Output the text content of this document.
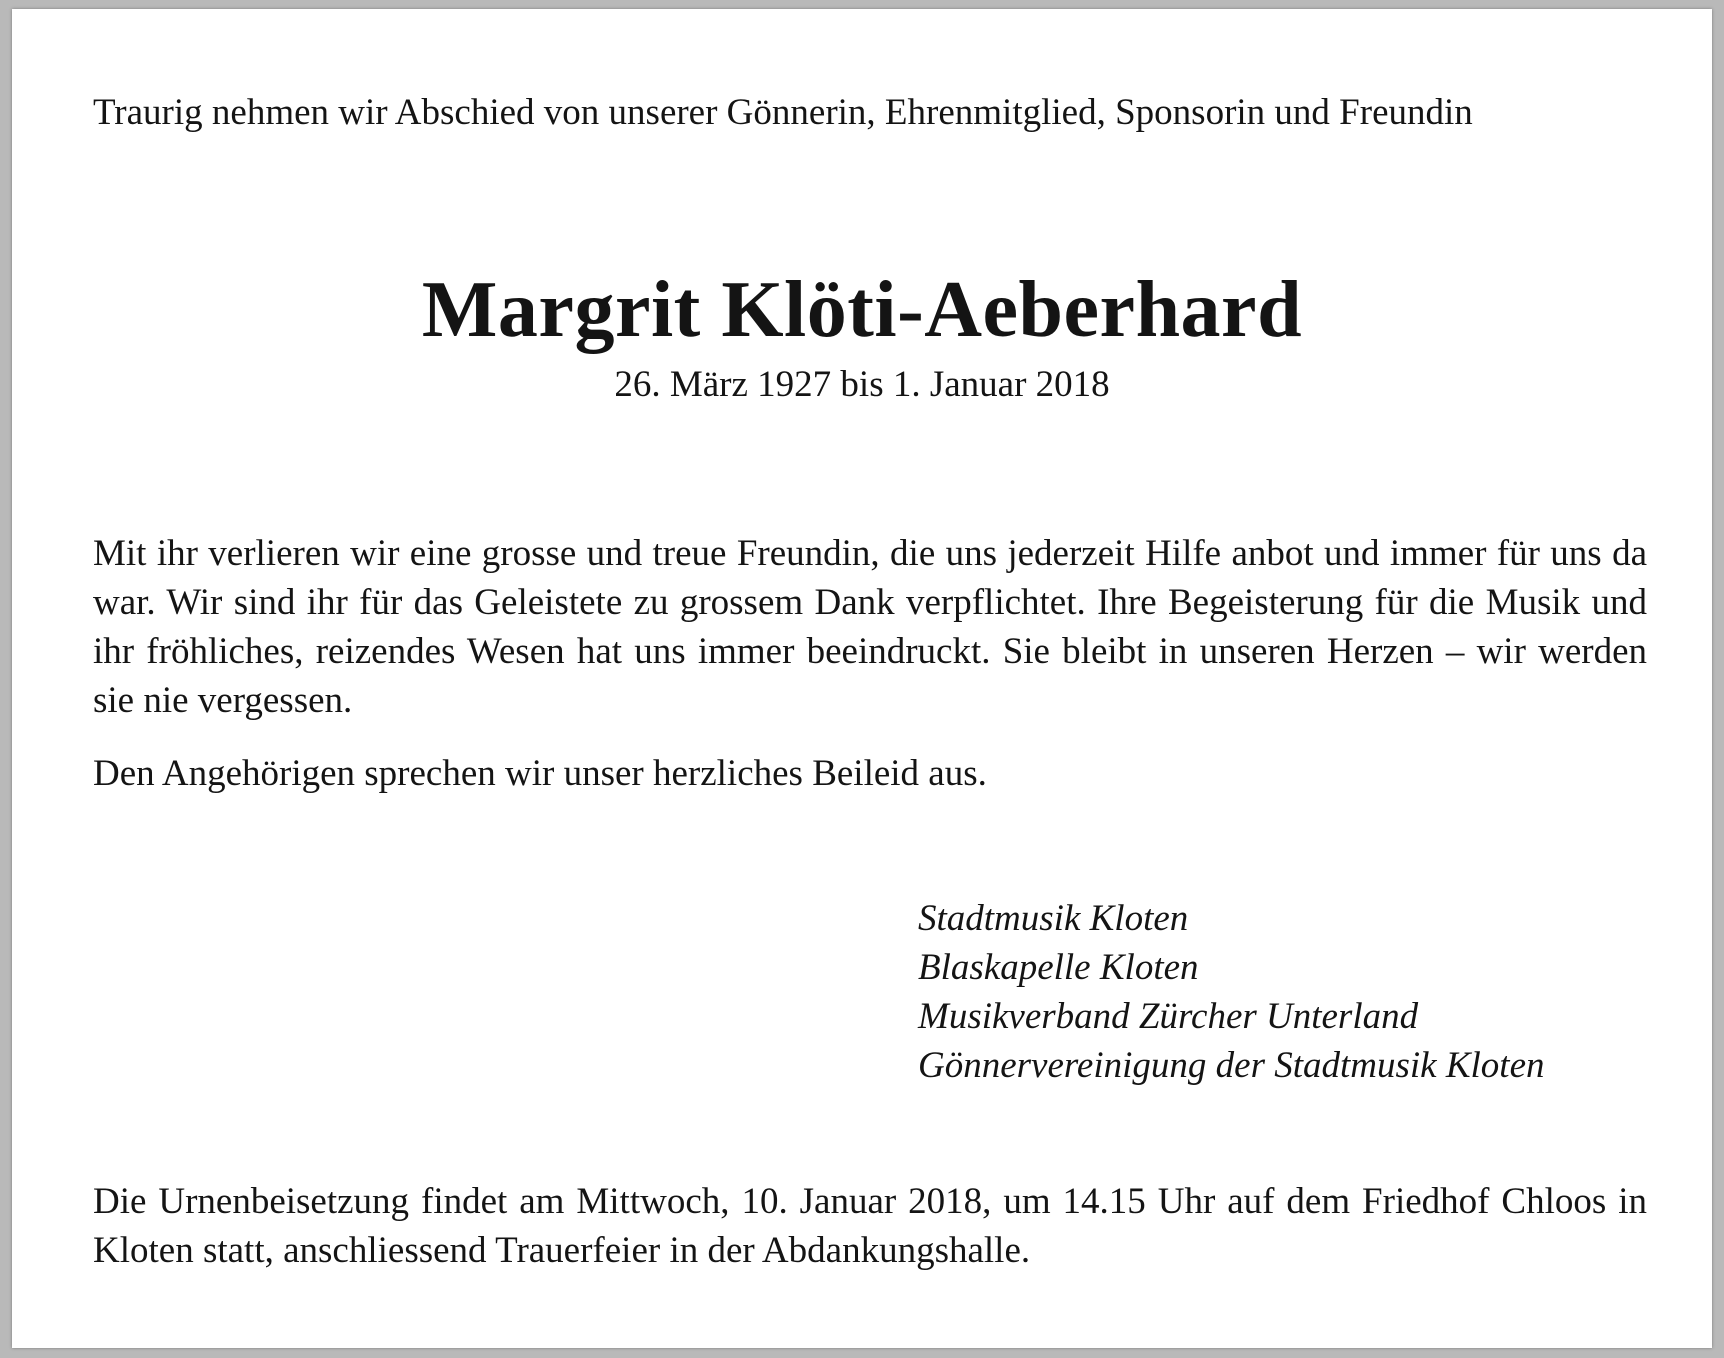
Traurig nehmen wir Abschied von unserer Gönnerin, Ehrenmitglied, Sponsorin und Freundin
Margrit Klöti-Aeberhard
26. März 1927 bis 1. Januar 2018

Mit ihr verlieren wir eine grosse und treue Freundin, die uns jederzeit Hilfe anbot und immer für uns da war. Wir sind ihr für das Geleistete zu grossem Dank verpflichtet. Ihre Begeisterung für die Musik und ihr fröhliches, reizendes Wesen hat uns immer beeindruckt. Sie bleibt in unseren Herzen – wir werden sie nie vergessen.

Den Angehörigen sprechen wir unser herzliches Beileid aus.

Stadtmusik Kloten
Blaskapelle Kloten
Musikverband Zürcher Unterland
Gönnervereinigung der Stadtmusik Kloten

Die Urnenbeisetzung findet am Mittwoch, 10. Januar 2018, um 14.15 Uhr auf dem Friedhof Chloos in Kloten statt, anschliessend Trauerfeier in der Abdankungshalle.
